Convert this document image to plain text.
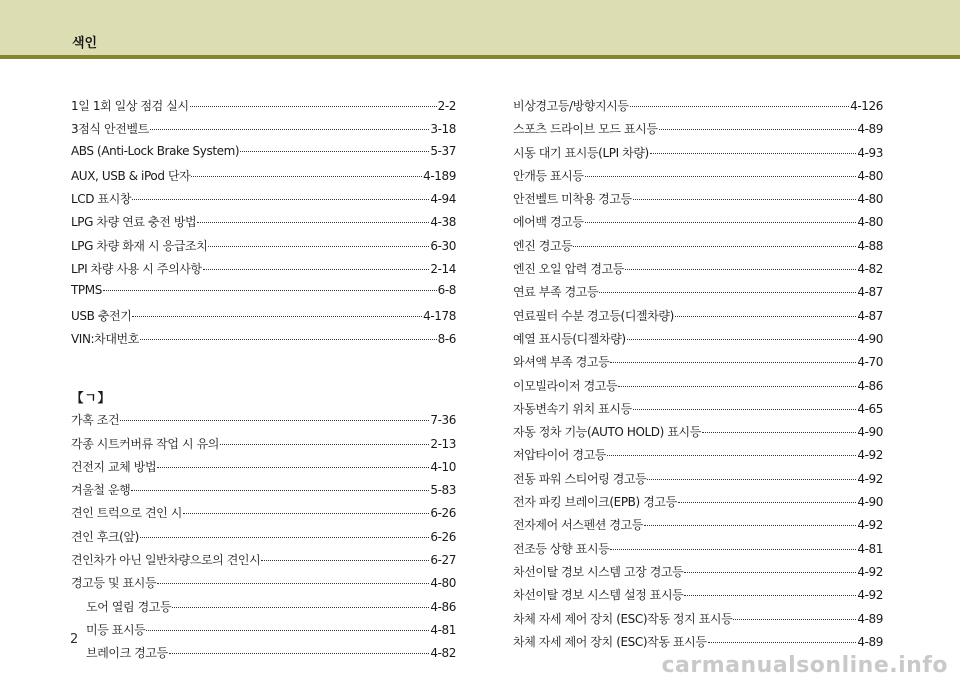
색인
1일 1회 일상 점검 실시	2-2
3점식 안전벨트	3-18
ABS (Anti-Lock Brake System)	5-37
AUX, USB & iPod 단자	4-189
LCD 표시창	4-94
LPG 차량 연료 충전 방법	4-38
LPG 차량 화재 시 응급조치	6-30
LPI 차량 사용 시 주의사항	2-14
TPMS	6-8
USB 충전기	4-178
VIN:차대번호	8-6
【ㄱ】
가혹 조건	7-36
각종 시트커버류 작업 시 유의	2-13
건전지 교체 방법	4-10
겨울철 운행	5-83
견인 트럭으로 견인 시	6-26
견인 후크(앞)	6-26
견인차가 아닌 일반차량으로의 견인시	6-27
경고등 및 표시등	4-80
도어 열림 경고등	4-86
미등 표시등	4-81
브레이크 경고등	4-82
비상경고등/방향지시등	4-126
스포츠 드라이브 모드 표시등	4-89
시동 대기 표시등(LPI 차량)	4-93
안개등 표시등	4-80
안전벨트 미착용 경고등	4-80
에어백 경고등	4-80
엔진 경고등	4-88
엔진 오일 압력 경고등	4-82
연료 부족 경고등	4-87
연료필터 수분 경고등(디젤차량)	4-87
예열 표시등(디젤차량)	4-90
와셔액 부족 경고등	4-70
이모빌라이저 경고등	4-86
자동변속기 위치 표시등	4-65
자동 정차 기능(AUTO HOLD) 표시등	4-90
저압타이어 경고등	4-92
전동 파워 스티어링 경고등	4-92
전자 파킹 브레이크(EPB) 경고등	4-90
전자제어 서스펜션 경고등	4-92
전조등 상향 표시등	4-81
차선이탈 경보 시스템 고장 경고등	4-92
차선이탈 경보 시스템 설정 표시등	4-92
차체 자세 제어 장치 (ESC)작동 정지 표시등	4-89
차체 자세 제어 장치 (ESC)작동 표시등	4-89
2
carmanualsonline.info
